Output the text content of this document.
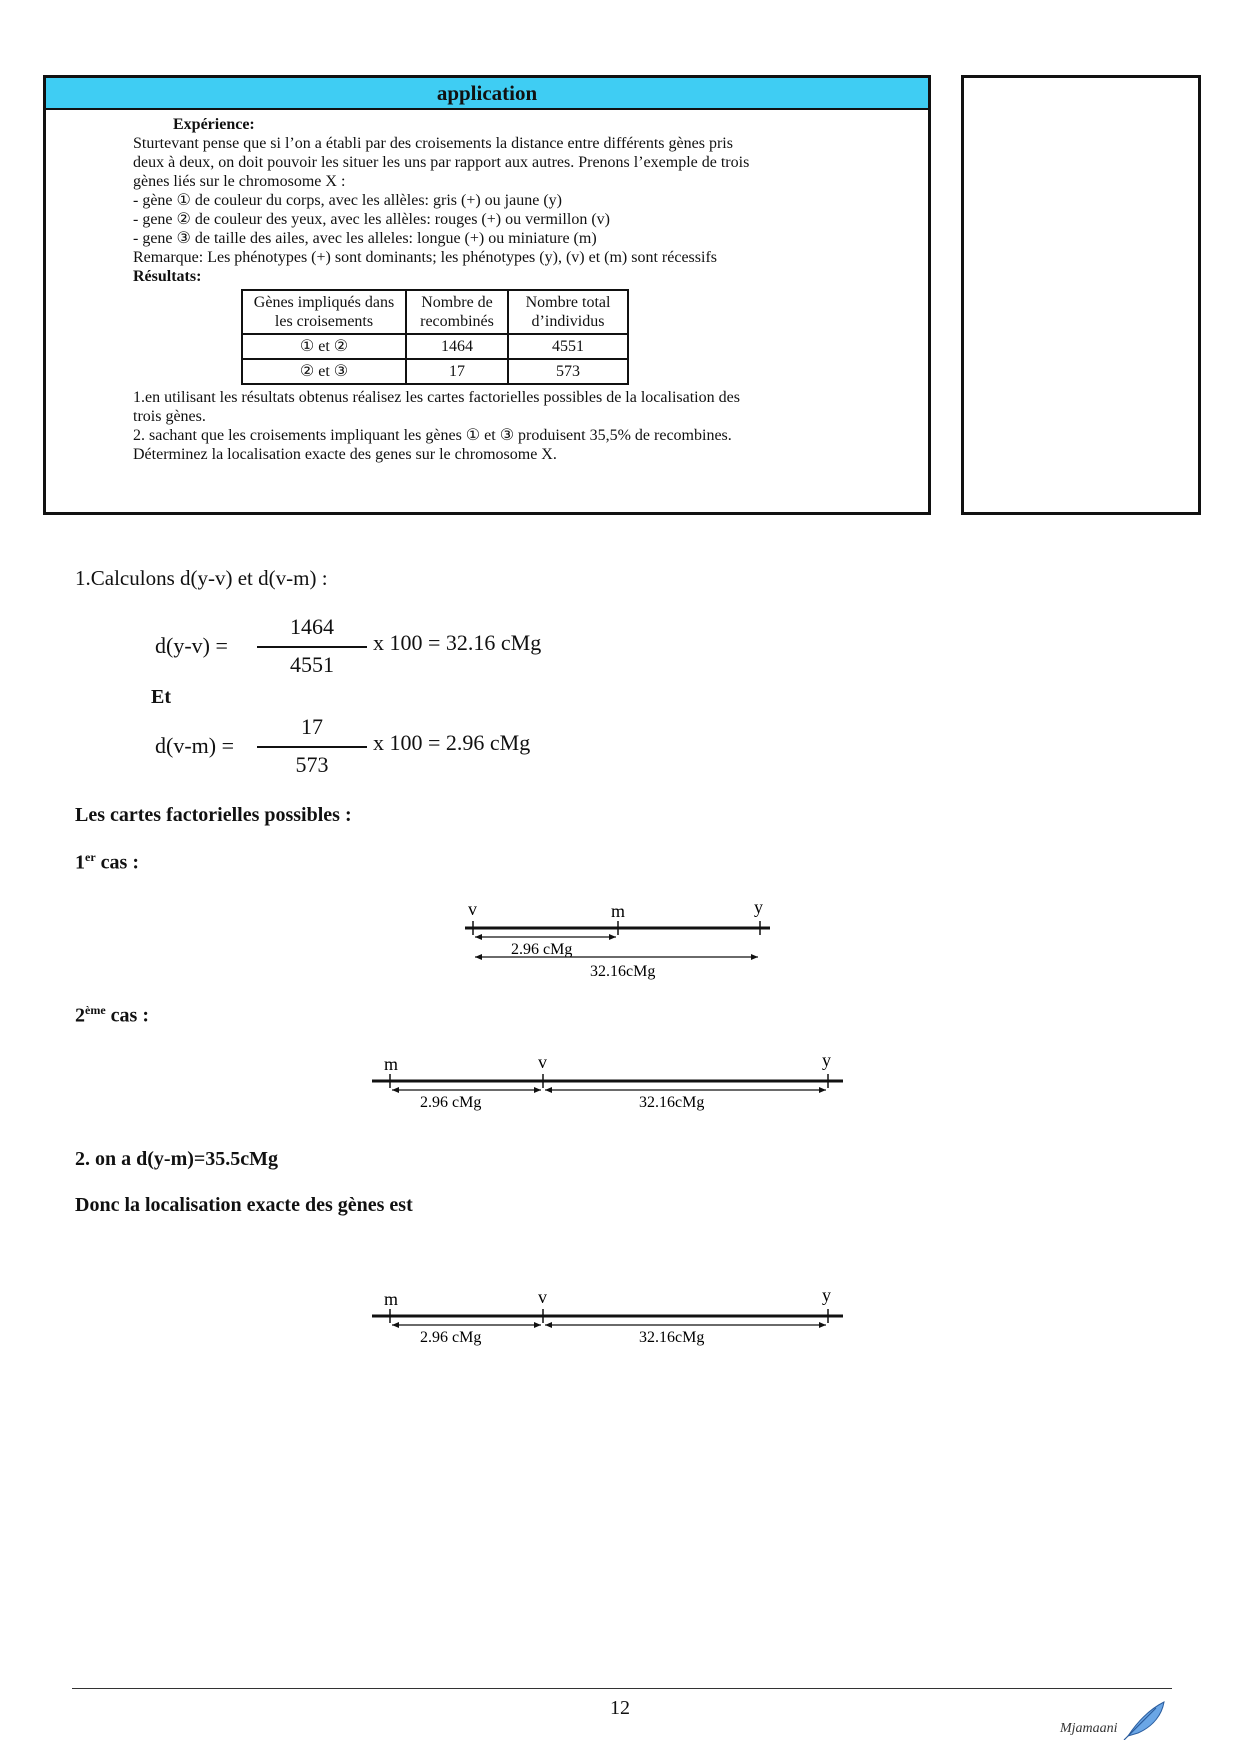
application
Expérience:
Sturtevant pense que si l’on a établi par des croisements la distance entre différents gènes pris
deux à deux, on doit pouvoir les situer les uns par rapport aux autres. Prenons l’exemple de trois
gènes liés sur le chromosome X :
- gène ① de couleur du corps, avec les allèles: gris (+) ou jaune (y)
- gene ② de couleur des yeux, avec les allèles: rouges (+) ou vermillon (v)
- gene ③ de taille des ailes, avec les alleles: longue (+) ou miniature (m)
Remarque: Les phénotypes (+) sont dominants; les phénotypes (y), (v) et (m) sont récessifs
Résultats:
Gènes impliqués dans les croisements	Nombre de recombinés	Nombre total d’individus
① et ②	1464	4551
② et ③	17	573
1.en utilisant les résultats obtenus réalisez les cartes factorielles possibles de la localisation des
trois gènes.
2. sachant que les croisements impliquant les gènes ① et ③ produisent 35,5% de recombines.
Déterminez la localisation exacte des genes sur le chromosome X.
1.Calculons d(y-v) et d(v-m) :
d(y-v) =
1464
4551
x 100 = 32.16 cMg
Et
d(v-m) =
17
573
x 100 = 2.96 cMg
Les cartes factorielles possibles :
1er cas :
v	m	y
2.96 cMg
32.16cMg
2ème cas :
m	v	y
2.96 cMg	32.16cMg
2. on a d(y-m)=35.5cMg
Donc la localisation exacte des gènes est
m	v	y
2.96 cMg	32.16cMg
12
Mjamaani
